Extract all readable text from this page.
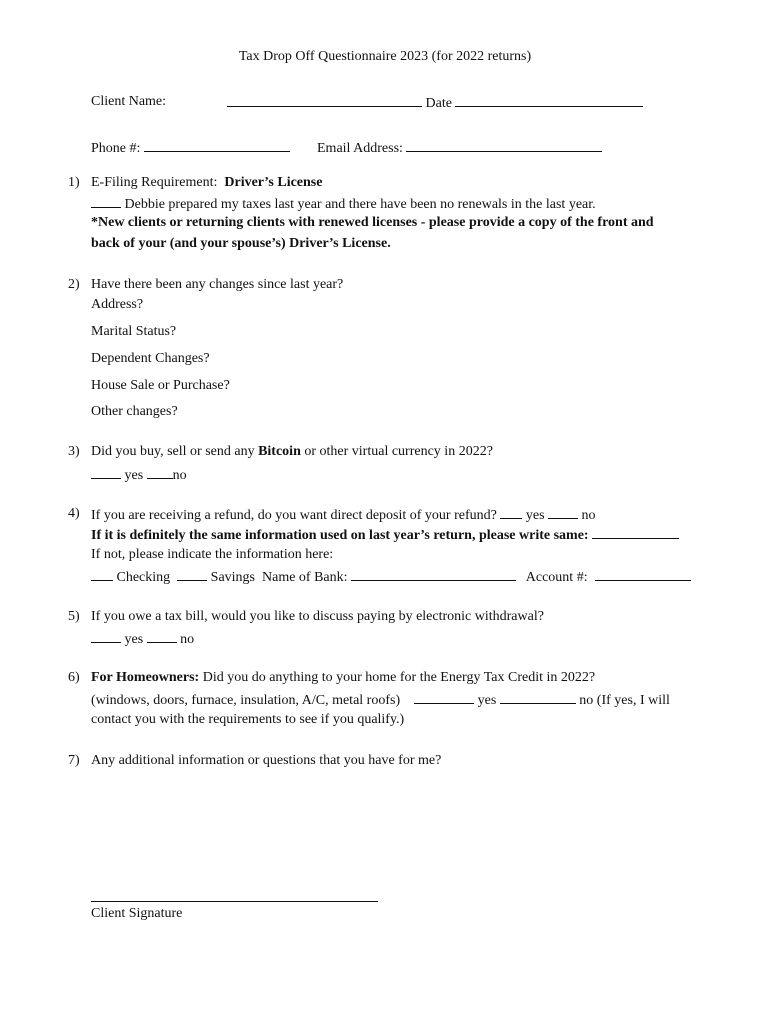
Tax Drop Off Questionnaire 2023 (for 2022 returns)
Client Name:	Date
Phone #:	Email Address:
1) E-Filing Requirement: Driver’s License
Debbie prepared my taxes last year and there have been no renewals in the last year.
*New clients or returning clients with renewed licenses - please provide a copy of the front and
back of your (and your spouse’s) Driver’s License.
2) Have there been any changes since last year?
Address?
Marital Status?
Dependent Changes?
House Sale or Purchase?
Other changes?
3) Did you buy, sell or send any Bitcoin or other virtual currency in 2022?
yes no
4) If you are receiving a refund, do you want direct deposit of your refund? yes	no
If it is definitely the same information used on last year’s return, please write same:
If not, please indicate the information here:
Checking	Savings Name of Bank:	Account #:
5) If you owe a tax bill, would you like to discuss paying by electronic withdrawal?
yes	no
6) For Homeowners: Did you do anything to your home for the Energy Tax Credit in 2022?
(windows, doors, furnace, insulation, A/C, metal roofs)	yes	no (If yes, I will
contact you with the requirements to see if you qualify.)
7) Any additional information or questions that you have for me?
Client Signature
